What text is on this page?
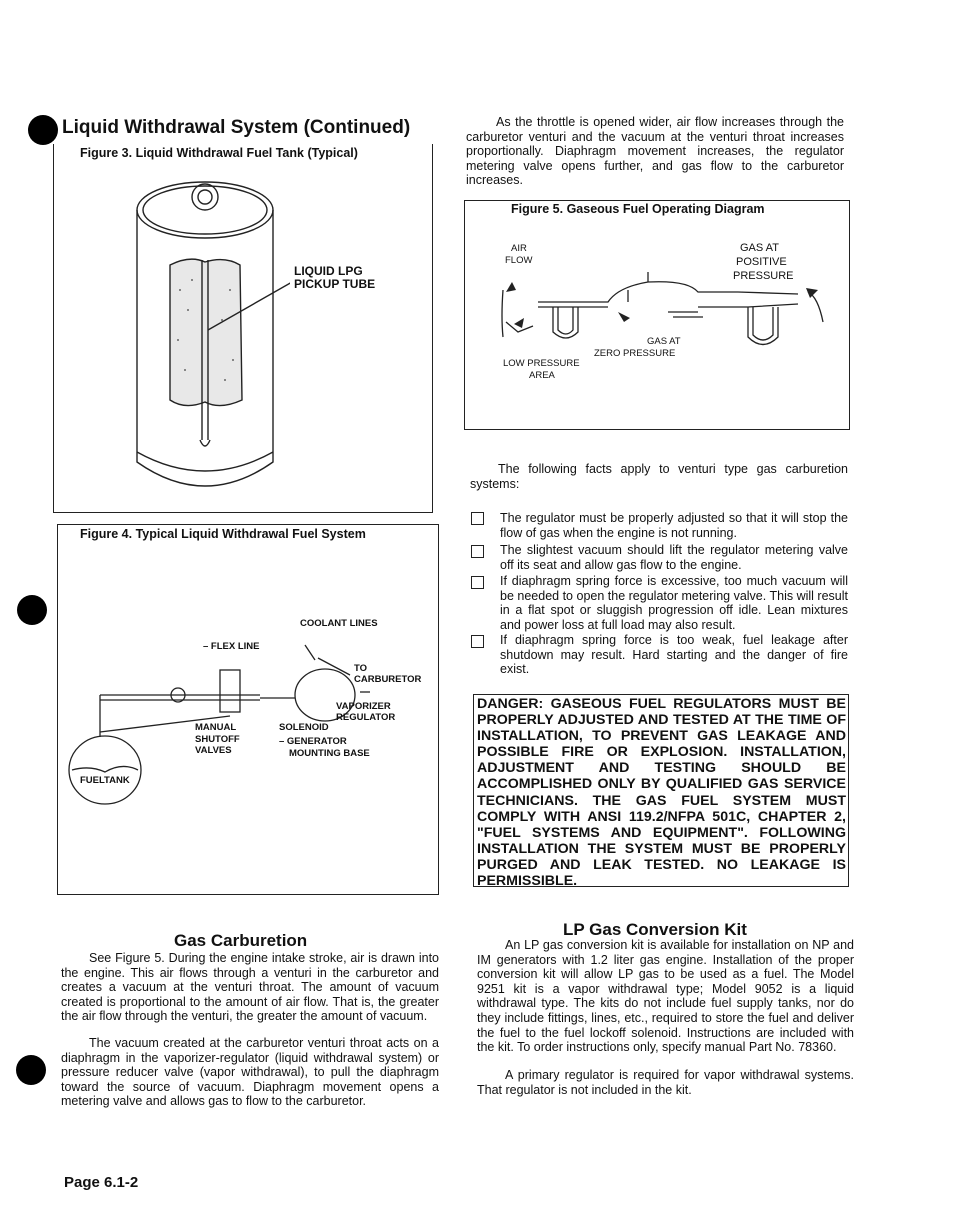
Liquid Withdrawal System (Continued)
Figure 3. Liquid Withdrawal Fuel Tank (Typical)
LIQUID LPG
PICKUP TUBE
Figure 4. Typical Liquid Withdrawal Fuel System
COOLANT LINES
– FLEX LINE
TO
CARBURETOR
VAPORIZER
REGULATOR
MANUAL	SOLENOID
SHUTOFF	– GENERATOR
VALVES	MOUNTING BASE
FUEL TANK
Gas Carburetion
See Figure 5. During the engine intake stroke, air is drawn into the engine. This air flows through a venturi in the carburetor and creates a vacuum at the venturi throat. The amount of vacuum created is proportional to the amount of air flow. That is, the greater the air flow through the venturi, the greater the amount of vacuum.
The vacuum created at the carburetor venturi throat acts on a diaphragm in the vaporizer-regulator (liquid withdrawal system) or pressure reducer valve (vapor withdrawal), to pull the diaphragm toward the source of vacuum. Diaphragm movement opens a metering valve and allows gas to flow to the carburetor.
Page 6.1-2
As the throttle is opened wider, air flow increases through the carburetor venturi and the vacuum at the venturi throat increases proportionally. Diaphragm movement increases, the regulator metering valve opens further, and gas flow to the carburetor increases.
Figure 5. Gaseous Fuel Operating Diagram
AIR
FLOW
GAS AT
POSITIVE
PRESSURE
GAS AT
ZERO PRESSURE
LOW PRESSURE
AREA
The following facts apply to venturi type gas carburetion systems:
The regulator must be properly adjusted so that it will stop the flow of gas when the engine is not running.
The slightest vacuum should lift the regulator metering valve off its seat and allow gas flow to the engine.
If diaphragm spring force is excessive, too much vacuum will be needed to open the regulator metering valve. This will result in a flat spot or sluggish progression off idle. Lean mixtures and power loss at full load may also result.
If diaphragm spring force is too weak, fuel leakage after shutdown may result. Hard starting and the danger of fire exist.
DANGER: GASEOUS FUEL REGULATORS MUST BE PROPERLY ADJUSTED AND TESTED AT THE TIME OF INSTALLATION, TO PREVENT GAS LEAKAGE AND POSSIBLE FIRE OR EXPLOSION. INSTALLATION, ADJUSTMENT AND TESTING SHOULD BE ACCOMPLISHED ONLY BY QUALIFIED GAS SERVICE TECHNICIANS. THE GAS FUEL SYSTEM MUST COMPLY WITH ANSI 119.2/NFPA 501C, CHAPTER 2, "FUEL SYSTEMS AND EQUIPMENT". FOLLOWING INSTALLATION THE SYSTEM MUST BE PROPERLY PURGED AND LEAK TESTED. NO LEAKAGE IS PERMISSIBLE.
LP Gas Conversion Kit
An LP gas conversion kit is available for installation on NP and IM generators with 1.2 liter gas engine. Installation of the proper conversion kit will allow LP gas to be used as a fuel. The Model 9251 kit is a vapor withdrawal type; Model 9052 is a liquid withdrawal type. The kits do not include fuel supply tanks, nor do they include fittings, lines, etc., required to store the fuel and deliver the fuel to the fuel lockoff solenoid. Instructions are included with the kit. To order instructions only, specify manual Part No. 78360.
A primary regulator is required for vapor withdrawal systems. That regulator is not included in the kit.
